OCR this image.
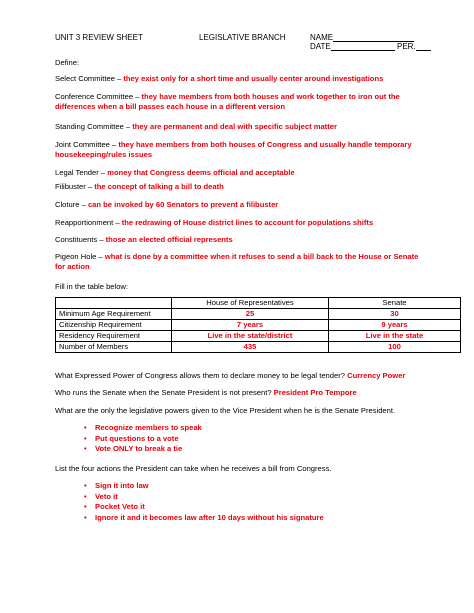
UNIT 3 REVIEW SHEET	LEGISLATIVE BRANCH	NAME
DATE	PER.
Define:
Select Committee – they exist only for a short time and usually center around investigations
Conference Committee – they have members from both houses and work together to iron out the
differences when a bill passes each house in a different version
Standing Committee – they are permanent and deal with specific subject matter
Joint Committee – they have members from both houses of Congress and usually handle temporary
housekeeping/rules issues
Legal Tender – money that Congress deems official and acceptable
Filibuster – the concept of talking a bill to death
Cloture – can be invoked by 60 Senators to prevent a filibuster
Reapportionment – the redrawing of House district lines to account for populations shifts
Constituents – those an elected official represents
Pigeon Hole – what is done by a committee when it refuses to send a bill back to the House or Senate
for action
Fill in the table below:
	House of Representatives	Senate
Minimum Age Requirement	25	30
Citizenship Requirement	7 years	9 years
Residency Requirement	Live in the state/district	Live in the state
Number of Members	435	100
What Expressed Power of Congress allows them to declare money to be legal tender? Currency Power
Who runs the Senate when the Senate President is not present? President Pro Tempore
What are the only the legislative powers given to the Vice President when he is the Senate President.
• Recognize members to speak
• Put questions to a vote
• Vote ONLY to break a tie
List the four actions the President can take when he receives a bill from Congress.
• Sign it into law
• Veto it
• Pocket Veto it
• Ignore it and it becomes law after 10 days without his signature
